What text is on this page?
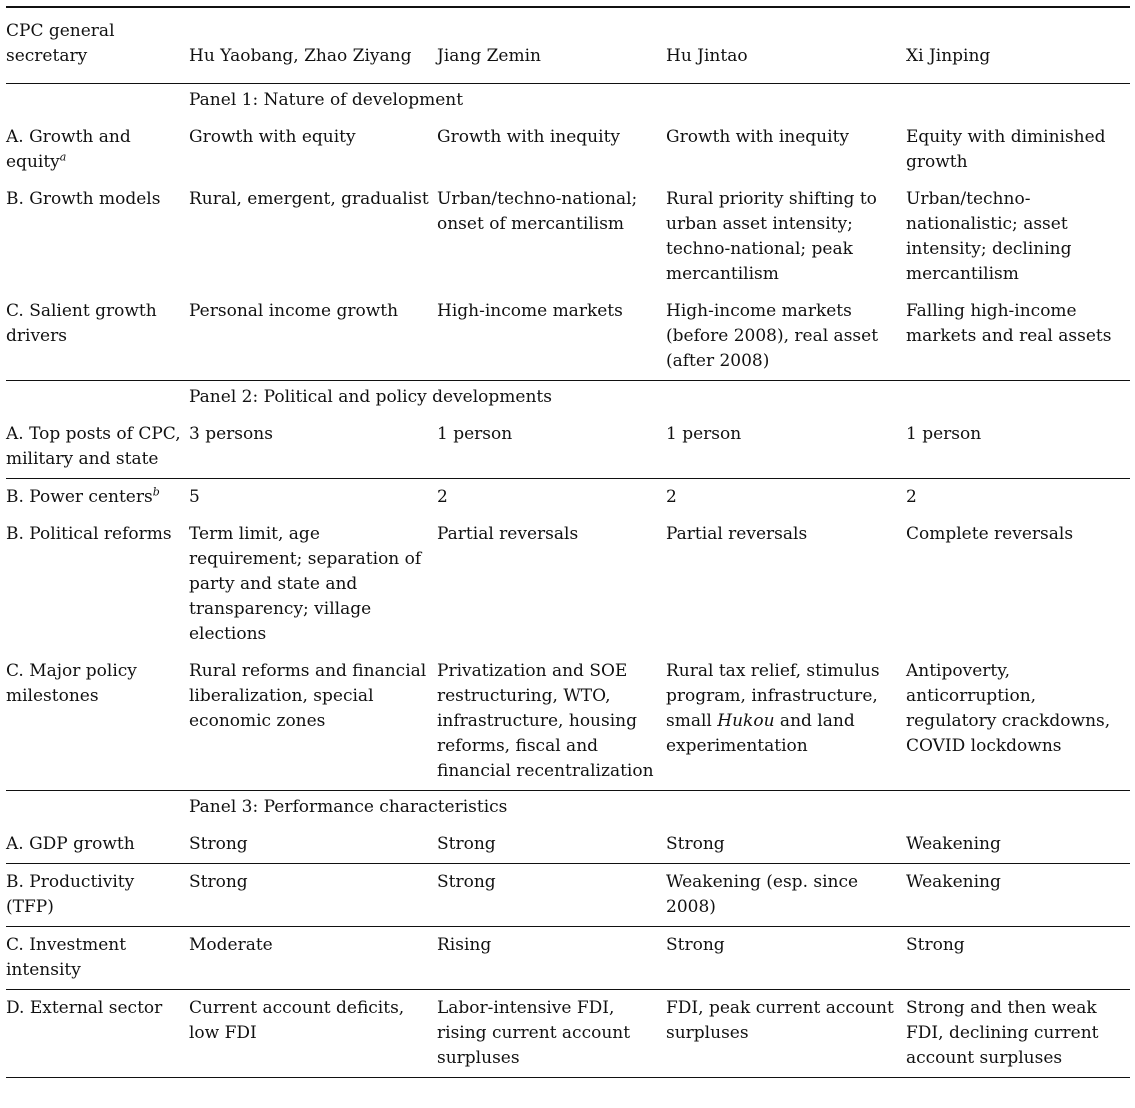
CPC general secretary	Hu Yaobang, Zhao Ziyang	Jiang Zemin	Hu Jintao	Xi Jinping
	Panel 1: Nature of development			
A. Growth and equity$^a$	Growth with equity	Growth with inequity	Growth with inequity	Equity with diminished growth
B. Growth models	Rural, emergent, gradualist	Urban/techno-national; onset of mercantilism	Rural priority shifting to urban asset intensity; techno-national; peak mercantilism	Urban/techno-nationalistic; asset intensity; declining mercantilism
C. Salient growth drivers	Personal income growth	High-income markets	High-income markets (before 2008), real asset (after 2008)	Falling high-income markets and real assets
	Panel 2: Political and policy developments			
A. Top posts of CPC, military and state	3 persons	1 person	1 person	1 person
B. Power centers$^b$	5	2	2	2
B. Political reforms	Term limit, age requirement; separation of party and state and transparency; village elections	Partial reversals	Partial reversals	Complete reversals
C. Major policy milestones	Rural reforms and financial liberalization, special economic zones	Privatization and SOE restructuring, WTO, infrastructure, housing reforms, fiscal and financial recentralization	Rural tax relief, stimulus program, infrastructure, small Hukou and land experimentation	Antipoverty, anticorruption, regulatory crackdowns, COVID lockdowns
	Panel 3: Performance characteristics			
A. GDP growth	Strong	Strong	Strong	Weakening
B. Productivity (TFP)	Strong	Strong	Weakening (esp. since 2008)	Weakening
C. Investment intensity	Moderate	Rising	Strong	Strong
D. External sector	Current account deficits, low FDI	Labor-intensive FDI, rising current account surpluses	FDI, peak current account surpluses	Strong and then weak FDI, declining current account surpluses
